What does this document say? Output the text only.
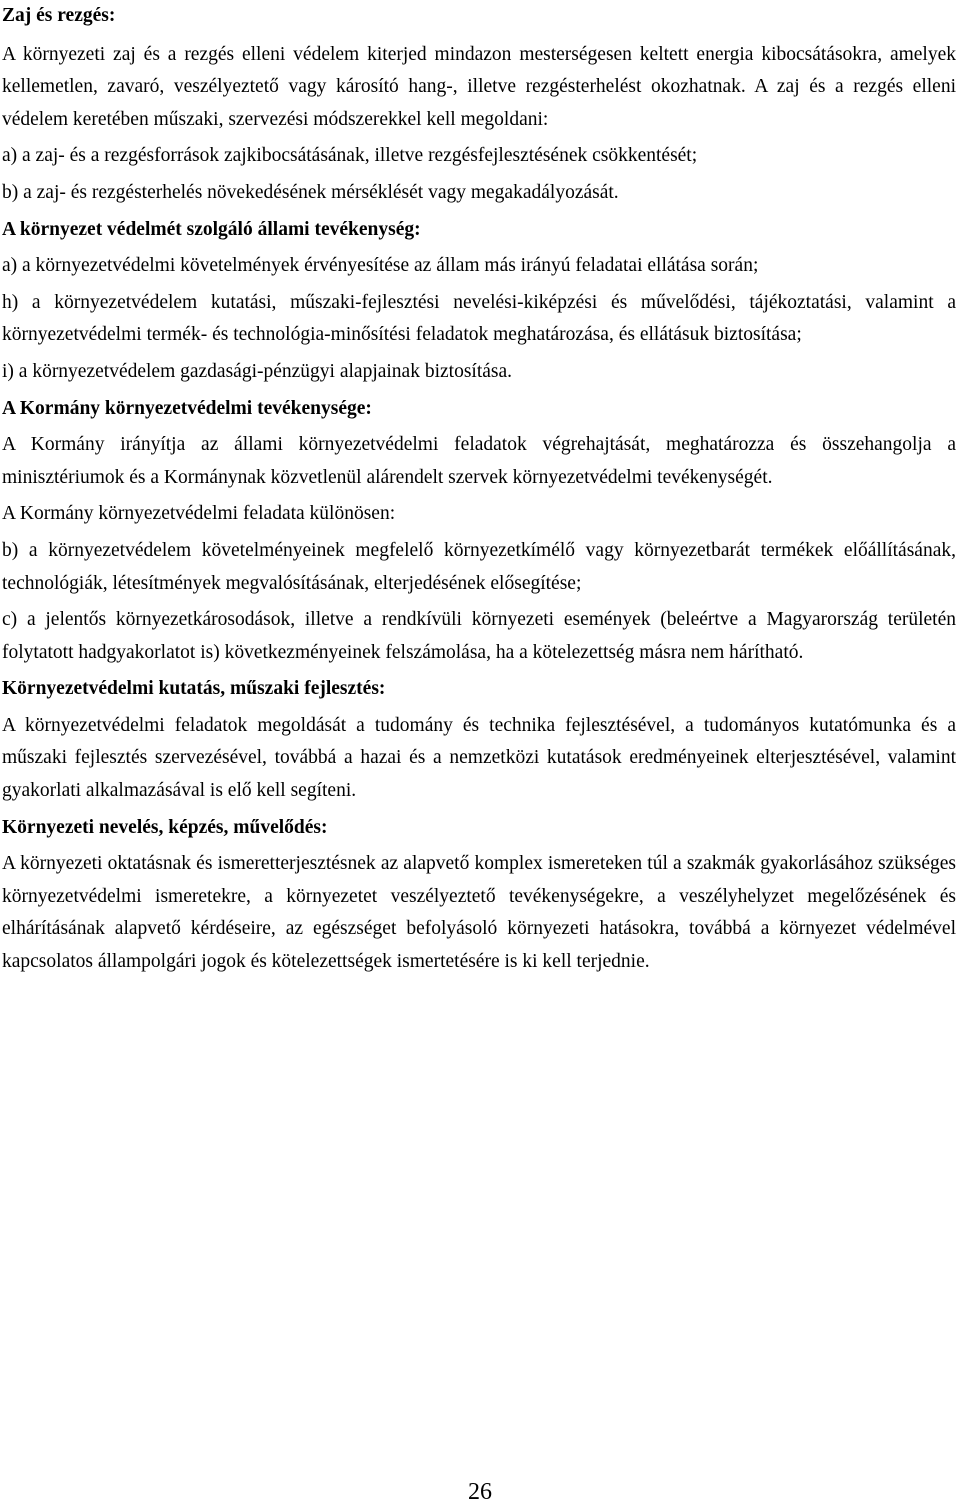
Zaj és rezgés:

A környezeti zaj és a rezgés elleni védelem kiterjed mindazon mesterségesen keltett energia kibocsátásokra, amelyek kellemetlen, zavaró, veszélyeztető vagy károsító hang-, illetve rezgésterhelést okozhatnak. A zaj és a rezgés elleni védelem keretében műszaki, szervezési módszerekkel kell megoldani:

a) a zaj- és a rezgésforrások zajkibocsátásának, illetve rezgésfejlesztésének csökkentését;

b) a zaj- és rezgésterhelés növekedésének mérséklését vagy megakadályozását.

A környezet védelmét szolgáló állami tevékenység:

a) a környezetvédelmi követelmények érvényesítése az állam más irányú feladatai ellátása során;

h) a környezetvédelem kutatási, műszaki-fejlesztési nevelési-kiképzési és művelődési, tájékoztatási, valamint a környezetvédelmi termék- és technológia-minősítési feladatok meghatározása, és ellátásuk biztosítása;

i) a környezetvédelem gazdasági-pénzügyi alapjainak biztosítása.

A Kormány környezetvédelmi tevékenysége:

A Kormány irányítja az állami környezetvédelmi feladatok végrehajtását, meghatározza és összehangolja a minisztériumok és a Kormánynak közvetlenül alárendelt szervek környezetvédelmi tevékenységét.

A Kormány környezetvédelmi feladata különösen:

b) a környezetvédelem követelményeinek megfelelő környezetkímélő vagy környezetbarát termékek előállításának, technológiák, létesítmények megvalósításának, elterjedésének elősegítése;

c) a jelentős környezetkárosodások, illetve a rendkívüli környezeti események (beleértve a Magyarország területén folytatott hadgyakorlatot is) következményeinek felszámolása, ha a kötelezettség másra nem hárítható.

Környezetvédelmi kutatás, műszaki fejlesztés:

A környezetvédelmi feladatok megoldását a tudomány és technika fejlesztésével, a tudományos kutatómunka és a műszaki fejlesztés szervezésével, továbbá a hazai és a nemzetközi kutatások eredményeinek elterjesztésével, valamint gyakorlati alkalmazásával is elő kell segíteni.

Környezeti nevelés, képzés, művelődés:

A környezeti oktatásnak és ismeretterjesztésnek az alapvető komplex ismereteken túl a szakmák gyakorlásához szükséges környezetvédelmi ismeretekre, a környezetet veszélyeztető tevékenységekre, a veszélyhelyzet megelőzésének és elhárításának alapvető kérdéseire, az egészséget befolyásoló környezeti hatásokra, továbbá a környezet védelmével kapcsolatos állampolgári jogok és kötelezettségek ismertetésére is ki kell terjednie.

26
